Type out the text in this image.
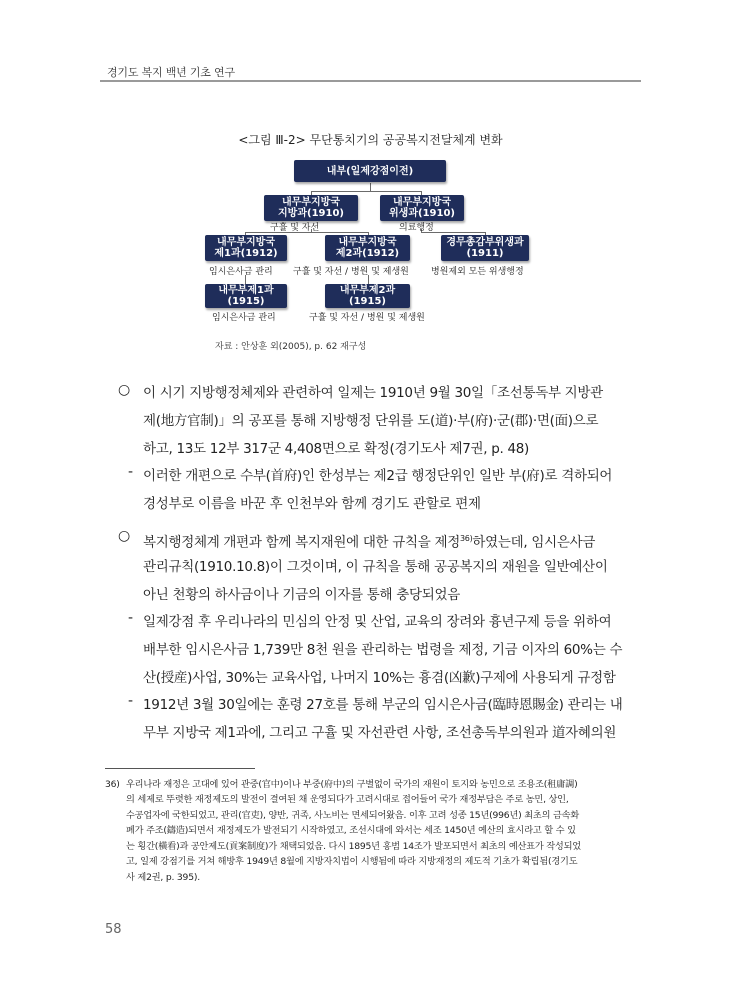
경기도 복지 백년 기초 연구
<그림 Ⅲ-2> 무단통치기의 공공복지전달체계 변화
내부(일제강점이전)
내무부지방국
지방과(1910)
구휼 및 자선
내무부지방국
위생과(1910)
의료행정
내무부지방국
제1과(1912)
임시은사금 관리
내무부지방국
제2과(1912)
구휼 및 자선 / 병원 및 제생원
경무총감부위생과
(1911)
병원제외 모든 위생행정
내무부제1과
(1915)
임시은사금 관리
내무부제2과
(1915)
구휼 및 자선 / 병원 및 제생원
자료 : 안상훈 외(2005), p. 62 재구성
○ 이 시기 지방행정체제와 관련하여 일제는 1910년 9월 30일「조선통독부 지방관
제(地方官制)」의 공포를 통해 지방행정 단위를 도(道)·부(府)·군(郡)·면(面)으로
하고, 13도 12부 317군 4,408면으로 확정(경기도사 제7권, p. 48)
- 이러한 개편으로 수부(首府)인 한성부는 제2급 행정단위인 일반 부(府)로 격하되어
경성부로 이름을 바꾼 후 인천부와 함께 경기도 관할로 편제
○ 복지행정체계 개편과 함께 복지재원에 대한 규칙을 제정$^{36)}$하였는데, 임시은사금
관리규칙(1910.10.8)이 그것이며, 이 규칙을 통해 공공복지의 재원을 일반예산이
아닌 천황의 하사금이나 기금의 이자를 통해 충당되었음
- 일제강점 후 우리나라의 민심의 안정 및 산업, 교육의 장려와 흉년구제 등을 위하여
배부한 임시은사금 1,739만 8천 원을 관리하는 법령을 제정, 기금 이자의 60%는 수
산(授産)사업, 30%는 교육사업, 나머지 10%는 흉겸(凶歉)구제에 사용되게 규정함
- 1912년 3월 30일에는 훈령 27호를 통해 부군의 임시은사금(臨時恩賜金) 관리는 내
무부 지방국 제1과에, 그리고 구휼 및 자선관련 사항, 조선총독부의원과 道자혜의원
36) 우리나라 재정은 고대에 있어 관중(官中)이나 부중(府中)의 구별없이 국가의 재원이 토지와 농민으로 조용조(租庸調)
의 세제로 뚜렷한 재정제도의 발전이 결여된 채 운영되다가 고려시대로 접어들어 국가 재정부담은 주로 농민, 상인,
수공업자에 국한되었고, 관리(官吏), 양반, 귀족, 사노비는 면세되어왔음. 이후 고려 성종 15년(996년) 최초의 금속화
폐가 주조(鑄造)되면서 재정제도가 발전되기 시작하였고, 조선시대에 와서는 세조 1450년 예산의 효시라고 할 수 있
는 횡간(橫看)과 공안제도(貢案制度)가 채택되었음. 다시 1895년 홍범 14조가 발포되면서 최초의 예산표가 작성되었
고, 일제 강점기를 거쳐 해방후 1949년 8월에 지방자치법이 시행됨에 따라 지방재정의 제도적 기초가 확립됨(경기도
사 제2권, p. 395).
58
